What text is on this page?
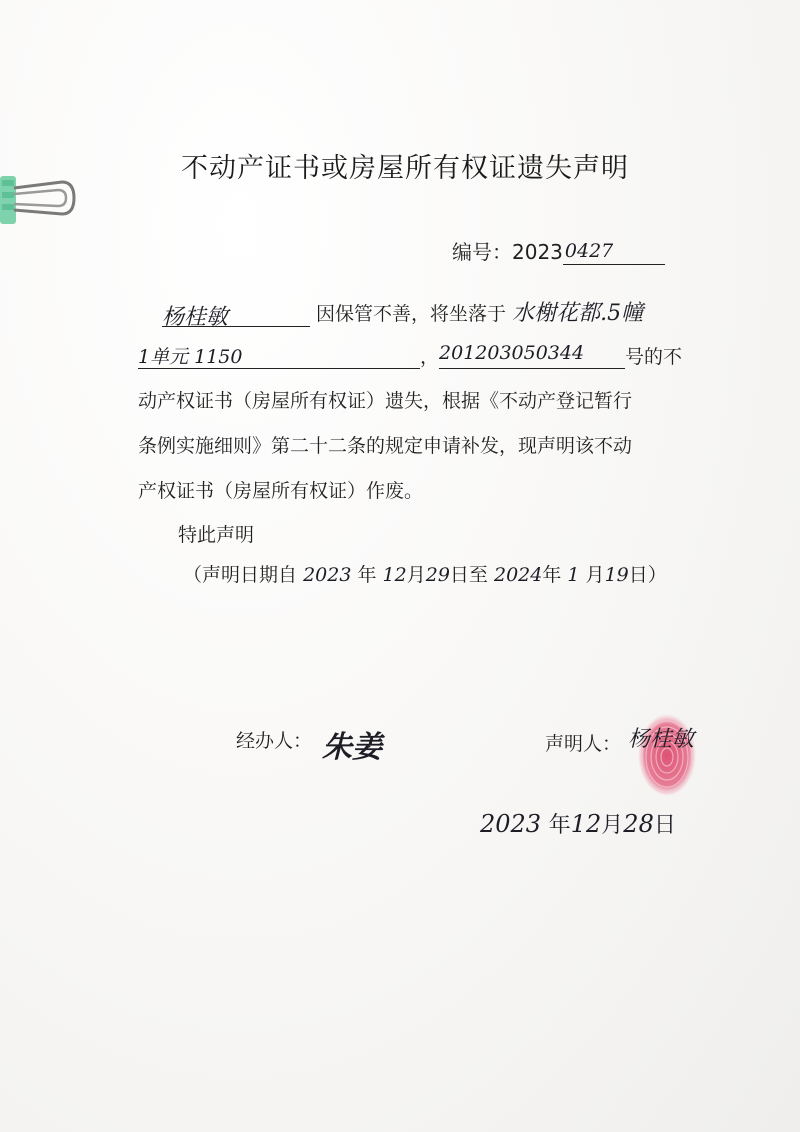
不动产证书或房屋所有权证遗失声明
编号：2023 0427
杨桂敏	因保管不善，将坐落于 水榭花都.5幢
1单元 1150	，201203050344 号的不
动产权证书（房屋所有权证）遗失，根据《不动产登记暂行
条例实施细则》第二十二条的规定申请补发，现声明该不动
产权证书（房屋所有权证）作废。
特此声明
（声明日期自 2023 年 12月29日至 2024年 1 月19日）
经办人： 朱姜	声明人： 杨桂敏
2023 年12月28日
